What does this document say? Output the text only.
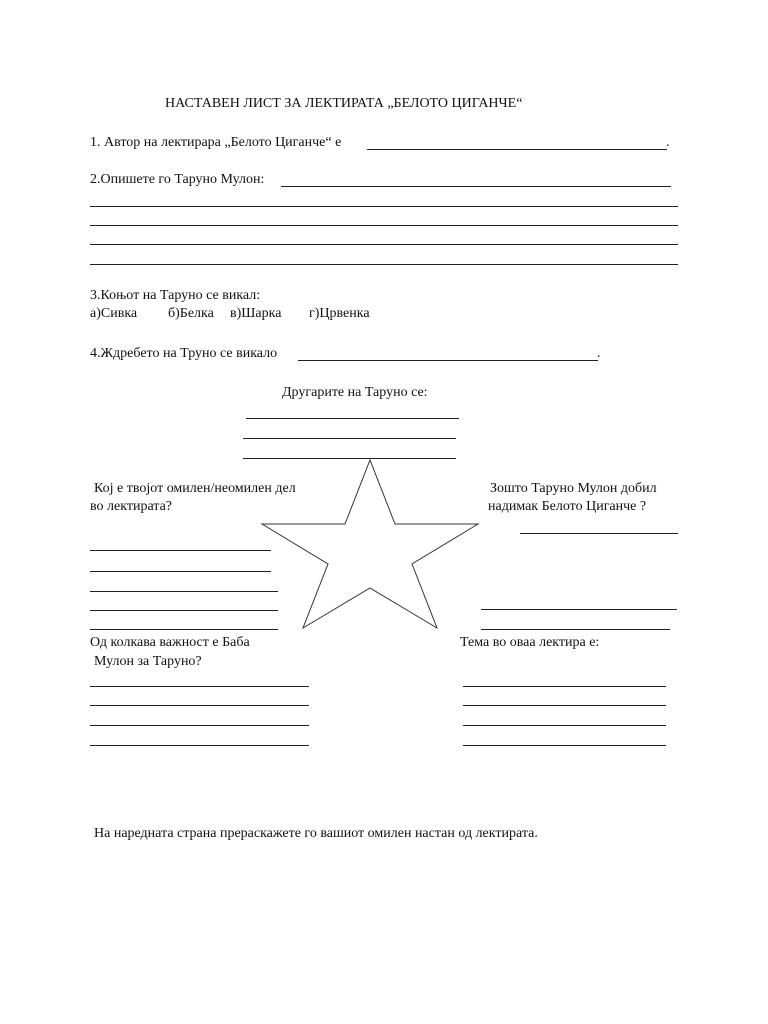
НАСТАВЕН ЛИСТ ЗА ЛЕКТИРАТА „БЕЛОТО ЦИГАНЧЕ“
1. Автор на лектирара „Белото Циганче“ е	.
2.Опишете го Таруно Мулон:
3.Коњот на Таруно се викал:
а)Сивка б)Белка в)Шарка г)Црвенка
4.Ждребето на Труно се викало	.
Другарите на Таруно се:
Кој е твојот омилен/неомилен дел
во лектирата?
Зошто Таруно Мулон добил
надимак Белото Циганче ?
Од колкава важност е Баба
Мулон за Таруно?
Тема во оваа лектира е:
На наредната страна прераскажете го вашиот омилен настан од лектирата.
